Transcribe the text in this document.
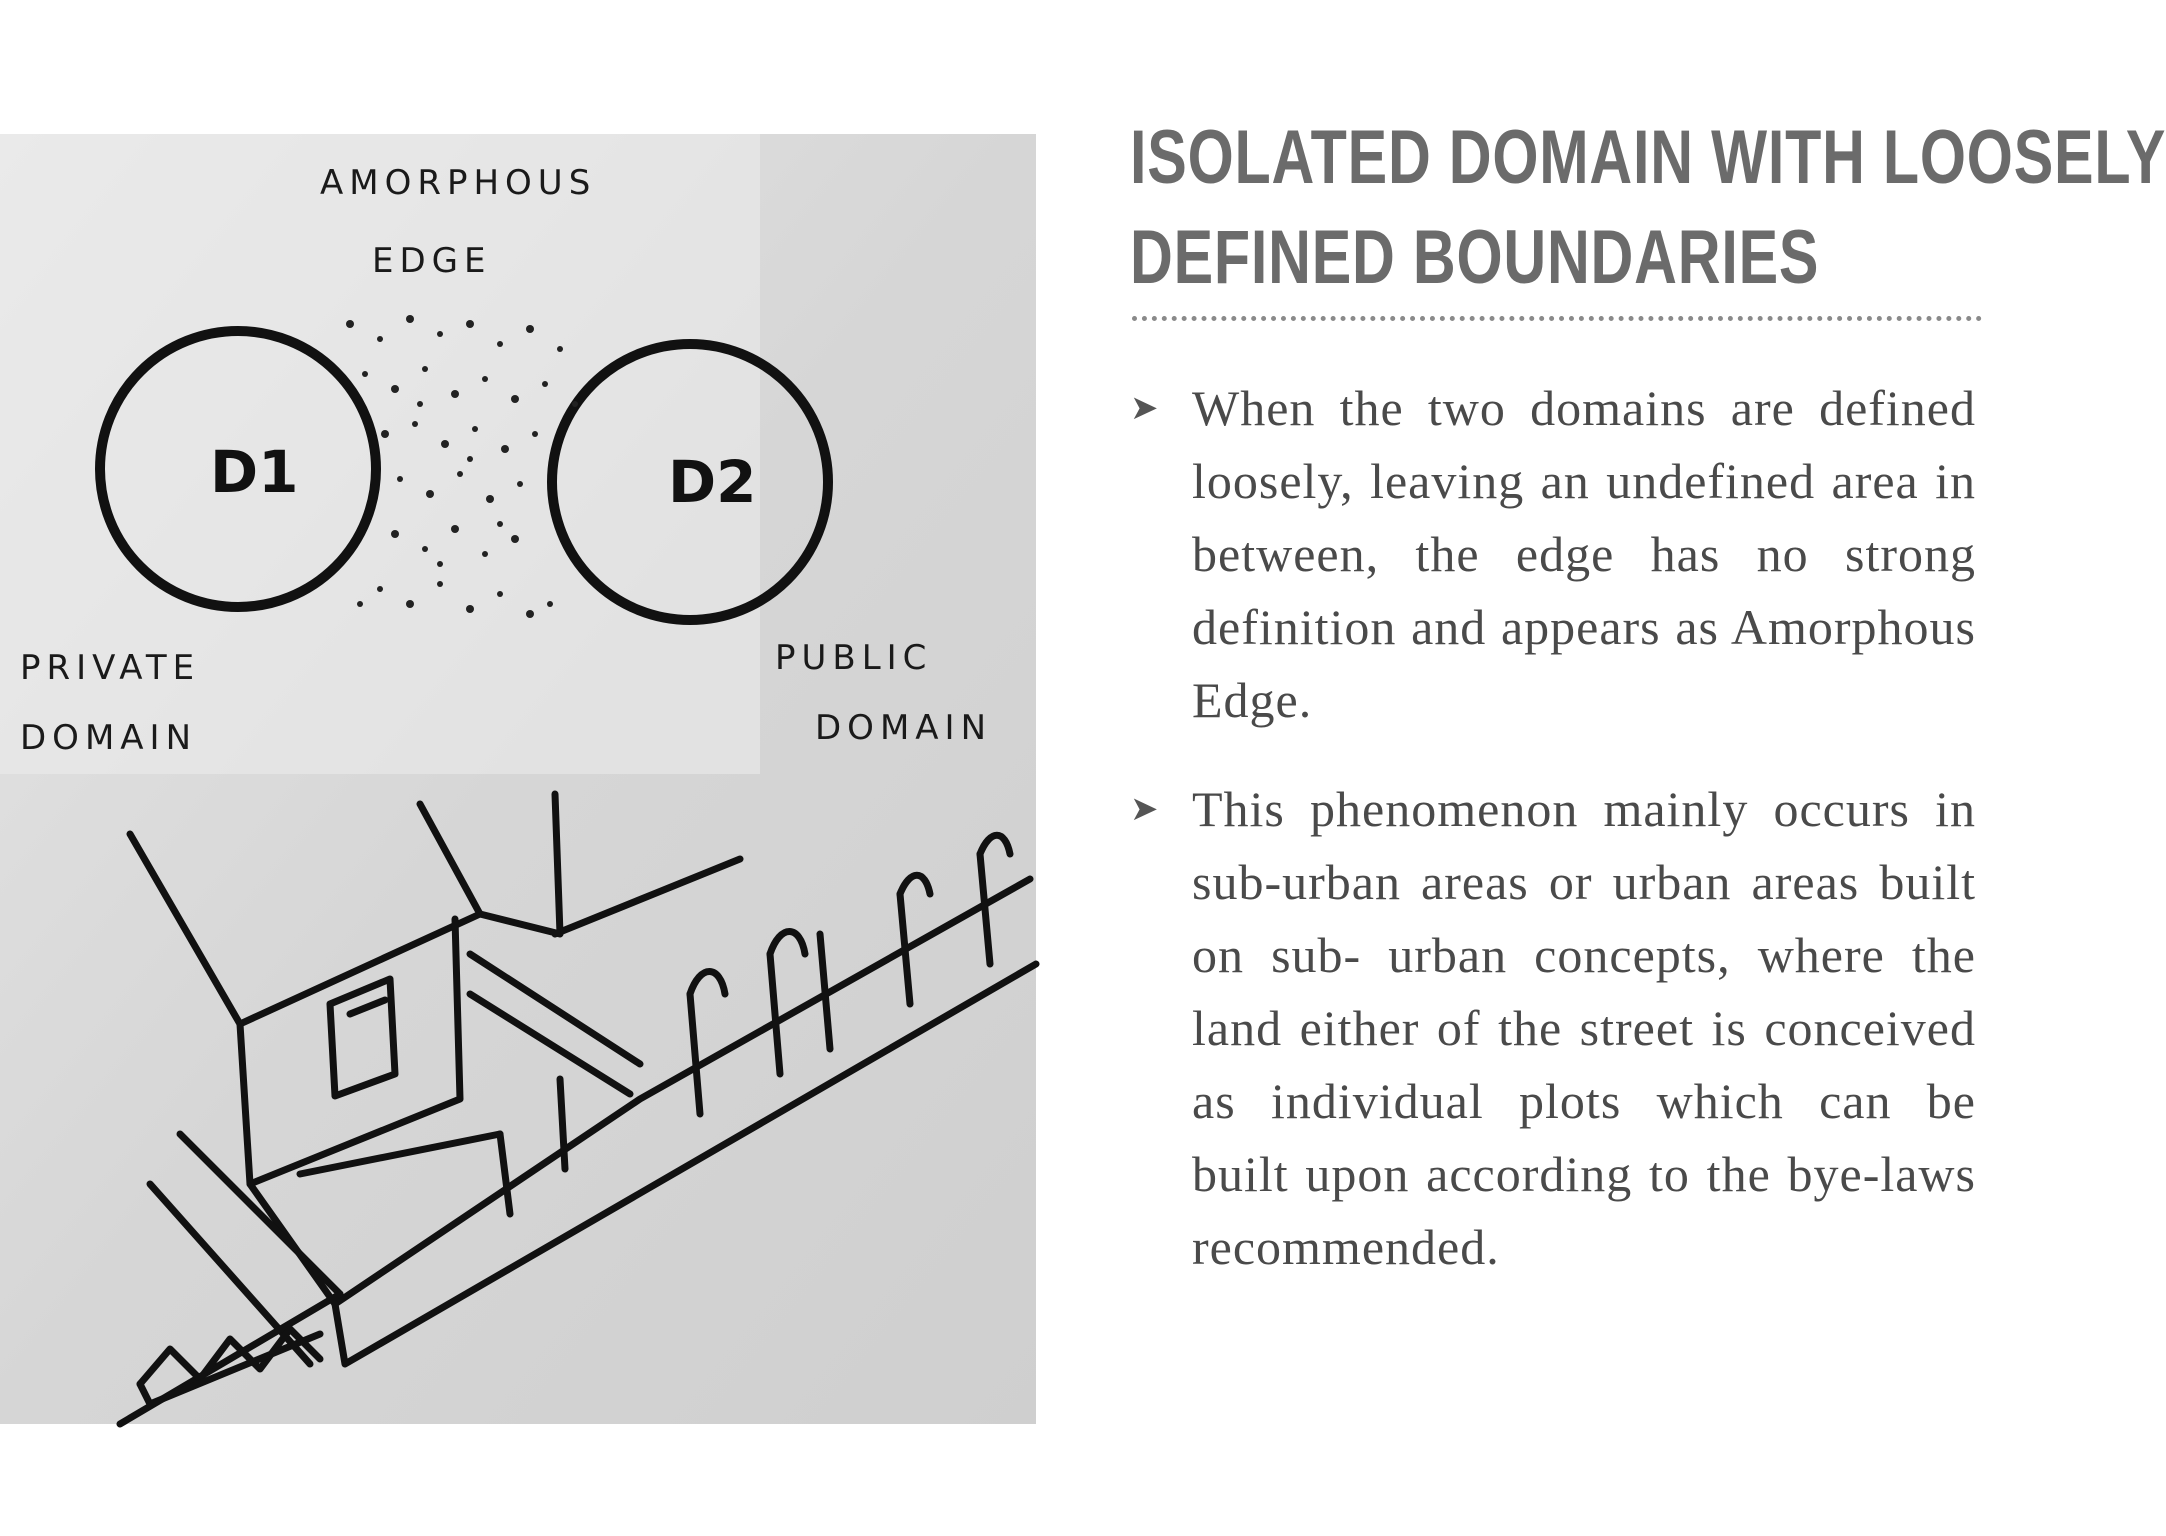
AMORPHOUS
EDGE
D1	D2
PRIVATE
DOMAIN
PUBLIC
DOMAIN
ISOLATED DOMAIN WITH LOOSELY
DEFINED BOUNDARIES
➤ When the two domains are defined loosely, leaving an undefined area in between, the edge has no strong definition and appears as Amorphous Edge.

➤ This phenomenon mainly occurs in sub-urban areas or urban areas built on sub- urban concepts, where the land either of the street is conceived as individual plots which can be built upon according to the bye-laws recommended.
